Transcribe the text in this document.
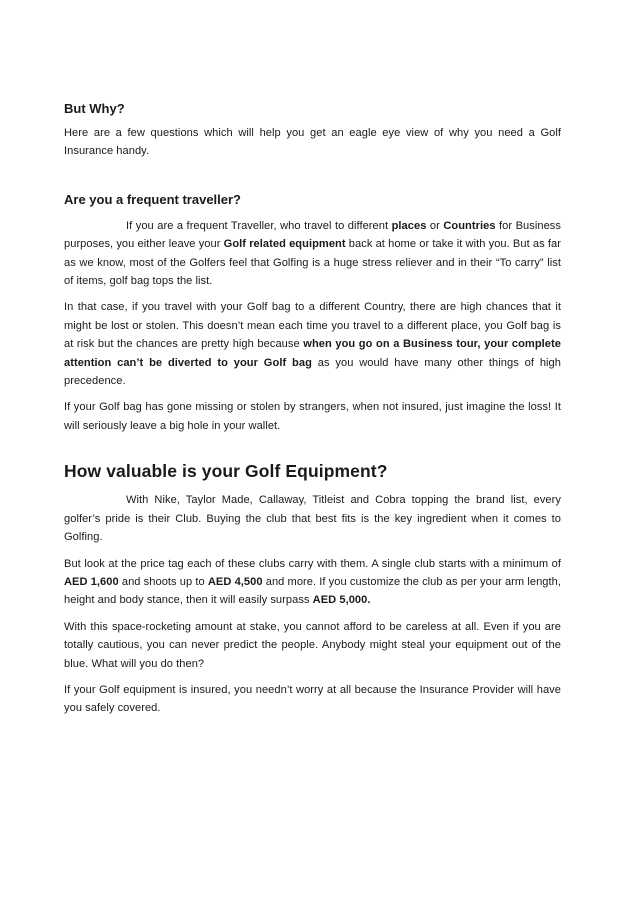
But Why?

Here are a few questions which will help you get an eagle eye view of why you need a Golf Insurance handy.

Are you a frequent traveller?

If you are a frequent Traveller, who travel to different places or Countries for Business purposes, you either leave your Golf related equipment back at home or take it with you. But as far as we know, most of the Golfers feel that Golfing is a huge stress reliever and in their “To carry” list of items, golf bag tops the list.

In that case, if you travel with your Golf bag to a different Country, there are high chances that it might be lost or stolen. This doesn’t mean each time you travel to a different place, you Golf bag is at risk but the chances are pretty high because when you go on a Business tour, your complete attention can’t be diverted to your Golf bag as you would have many other things of high precedence.

If your Golf bag has gone missing or stolen by strangers, when not insured, just imagine the loss! It will seriously leave a big hole in your wallet.

How valuable is your Golf Equipment?

With Nike, Taylor Made, Callaway, Titleist and Cobra topping the brand list, every golfer’s pride is their Club. Buying the club that best fits is the key ingredient when it comes to Golfing.

But look at the price tag each of these clubs carry with them. A single club starts with a minimum of AED 1,600 and shoots up to AED 4,500 and more. If you customize the club as per your arm length, height and body stance, then it will easily surpass AED 5,000.

With this space-rocketing amount at stake, you cannot afford to be careless at all. Even if you are totally cautious, you can never predict the people. Anybody might steal your equipment out of the blue. What will you do then?

If your Golf equipment is insured, you needn’t worry at all because the Insurance Provider will have you safely covered.
